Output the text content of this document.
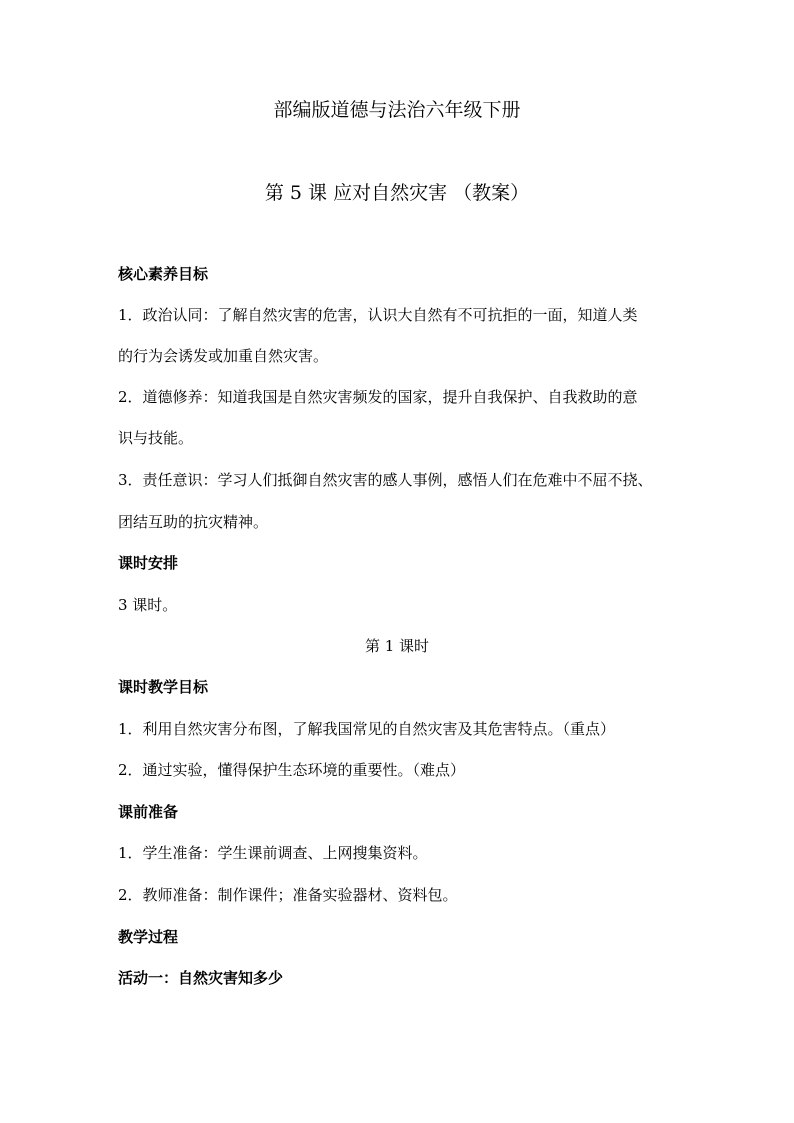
部编版道德与法治六年级下册
第 5 课 应对自然灾害 （教案）
核心素养目标
1．政治认同：了解自然灾害的危害，认识大自然有不可抗拒的一面，知道人类
的行为会诱发或加重自然灾害。
2．道德修养：知道我国是自然灾害频发的国家，提升自我保护、自我救助的意
识与技能。
3．责任意识：学习人们抵御自然灾害的感人事例，感悟人们在危难中不屈不挠、
团结互助的抗灾精神。
课时安排
3 课时。
第 1 课时
课时教学目标
1．利用自然灾害分布图，了解我国常见的自然灾害及其危害特点。（重点）
2．通过实验，懂得保护生态环境的重要性。（难点）
课前准备
1．学生准备：学生课前调查、上网搜集资料。
2．教师准备：制作课件；准备实验器材、资料包。
教学过程
活动一：自然灾害知多少
